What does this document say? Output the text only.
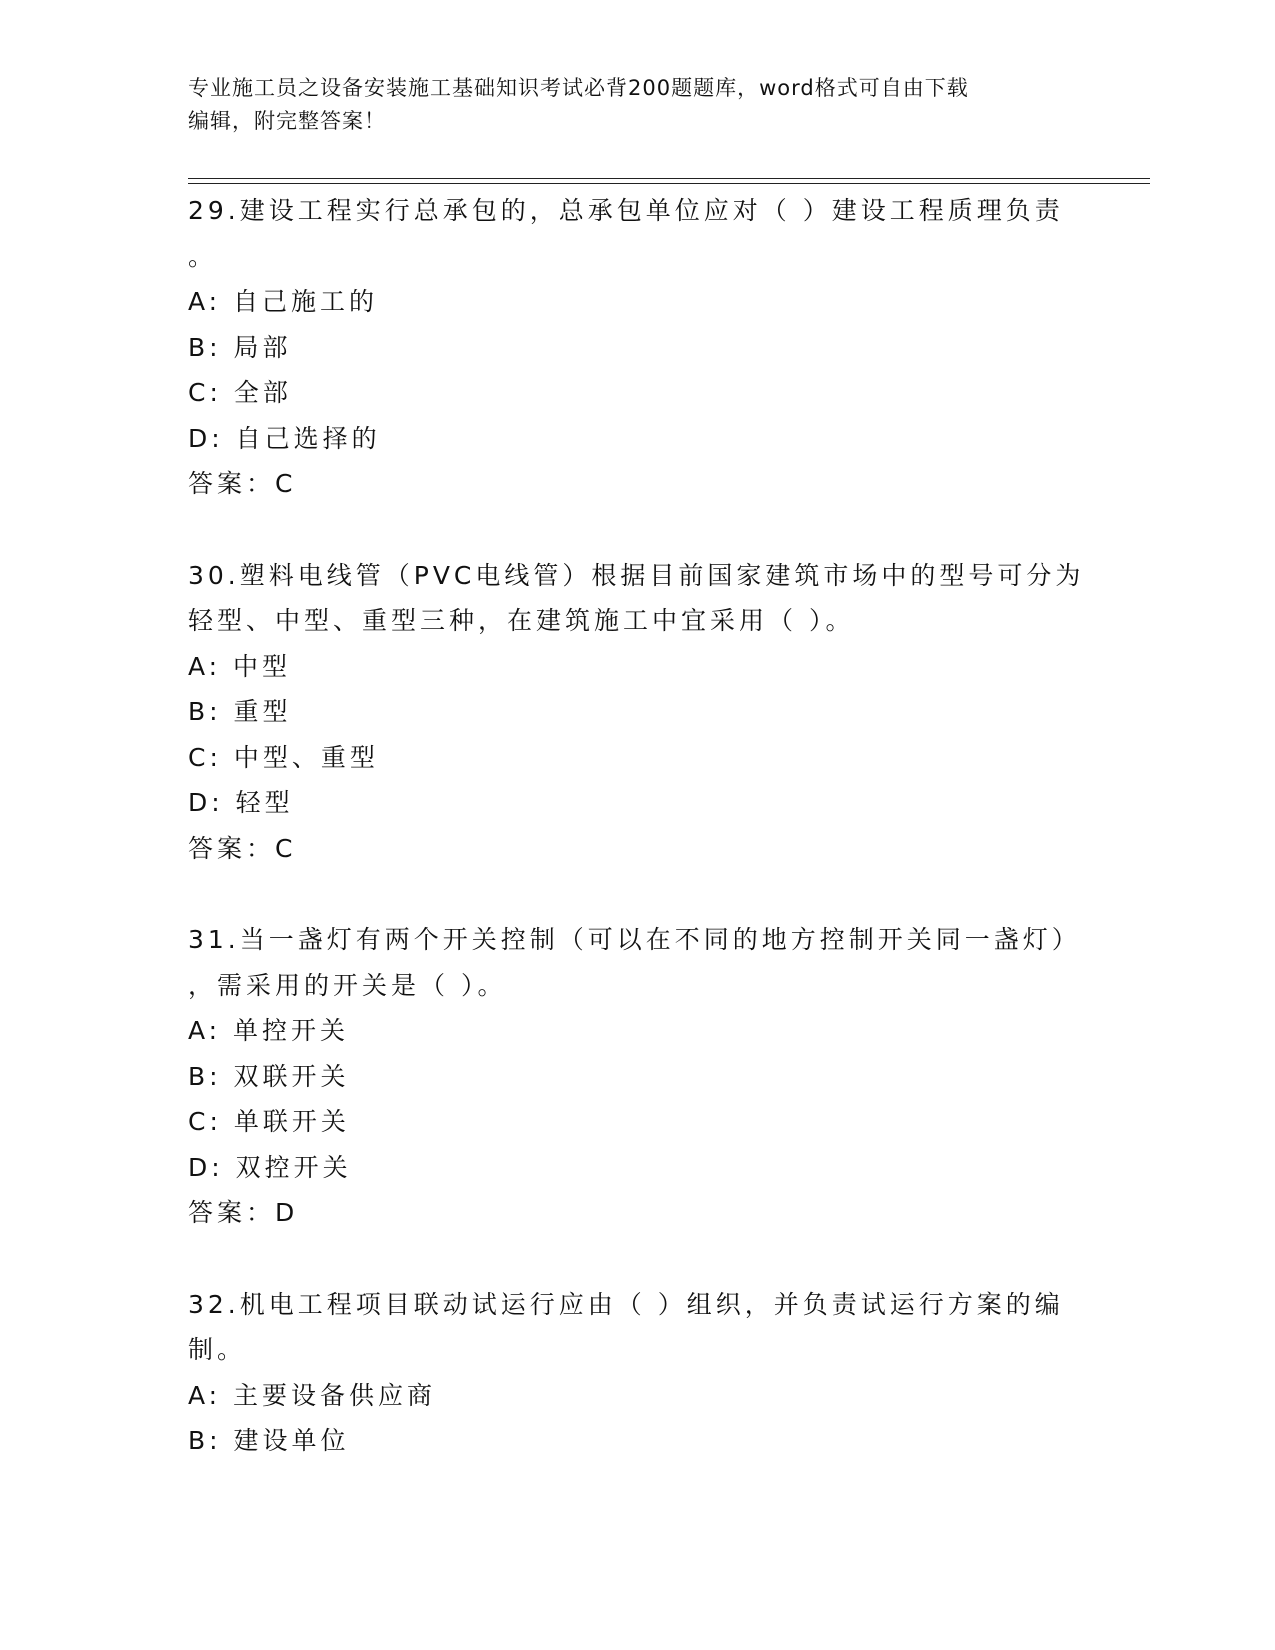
专业施工员之设备安装施工基础知识考试必背200题题库，word格式可自由下载
编辑，附完整答案！
29.建设工程实行总承包的，总承包单位应对（ ）建设工程质理负责
。
A: 自己施工的
B: 局部
C: 全部
D: 自己选择的
答案：C
30.塑料电线管（PVC电线管）根据目前国家建筑市场中的型号可分为
轻型、中型、重型三种，在建筑施工中宜采用（ ）。
A: 中型
B: 重型
C: 中型、重型
D: 轻型
答案：C
31.当一盏灯有两个开关控制（可以在不同的地方控制开关同一盏灯）
，需采用的开关是（ ）。
A: 单控开关
B: 双联开关
C: 单联开关
D: 双控开关
答案：D
32.机电工程项目联动试运行应由（ ）组织，并负责试运行方案的编
制。
A: 主要设备供应商
B: 建设单位
